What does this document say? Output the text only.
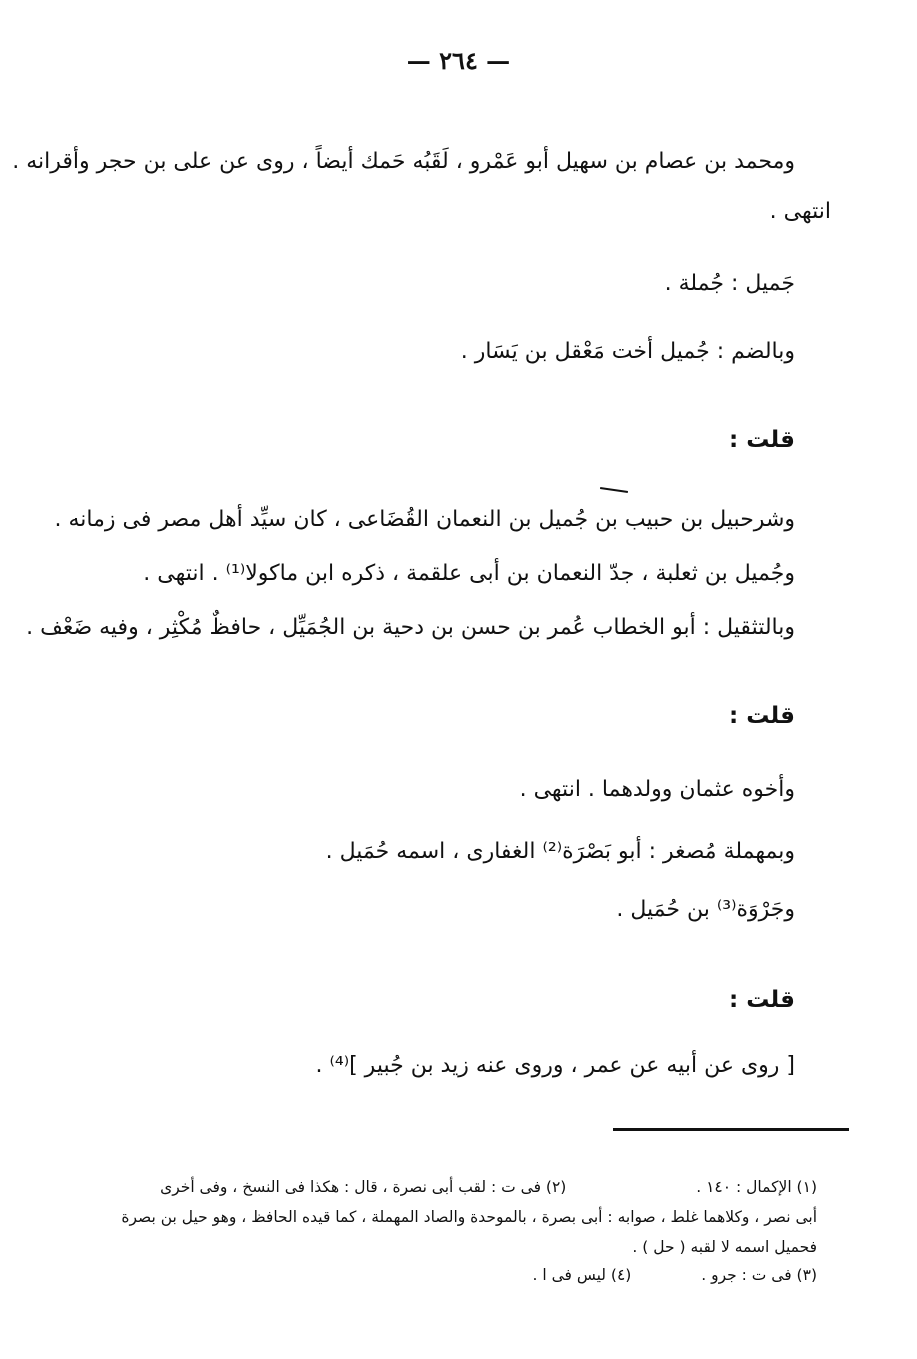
— ٢٦٤ —
ومحمد بن عصام بن سهيل أبو عَمْرو ، لَقَبُه حَمك أيضاً ، روى عن على بن حجر وأقرانه .
انتهى .
جَميل : جُملة .
وبالضم : جُميل أخت مَعْقل بن يَسَار .
قلت :
وشرحبيل بن حبيب بن جُميل بن النعمان القُضَاعى ، كان سيِّد أهل مصر فى زمانه .
وجُميل بن ثعلبة ، جدّ النعمان بن أبى علقمة ، ذكره ابن ماكولا⁽¹⁾ . انتهى .
وبالتثقيل : أبو الخطاب عُمر بن حسن بن دحية بن الجُمَيِّل ، حافظٌ مُكْثِر ، وفيه ضَعْف .
قلت :
وأخوه عثمان وولدهما . انتهى .
وبمهملة مُصغر : أبو بَصْرَة⁽²⁾ الغفارى ، اسمه حُمَيل .
وجَرْوَة⁽³⁾ بن حُمَيل .
قلت :
[ روى عن أبيه عن عمر ، وروى عنه زيد بن جُبير ]⁽⁴⁾ .
(١) الإكمال : ١٤٠ .  (٢) فى ت : لقب أبى نصرة ، قال : هكذا فى النسخ ، وفى أخرى
أبى نصر ، وكلاهما غلط ، صوابه : أبى بصرة ، بالموحدة والصاد المهملة ، كما قيده الحافظ ، وهو حيل بن بصرة
فحميل اسمه لا لقبه ( حل ) .
(٣) فى ت : جرو .  (٤) ليس فى ا .
